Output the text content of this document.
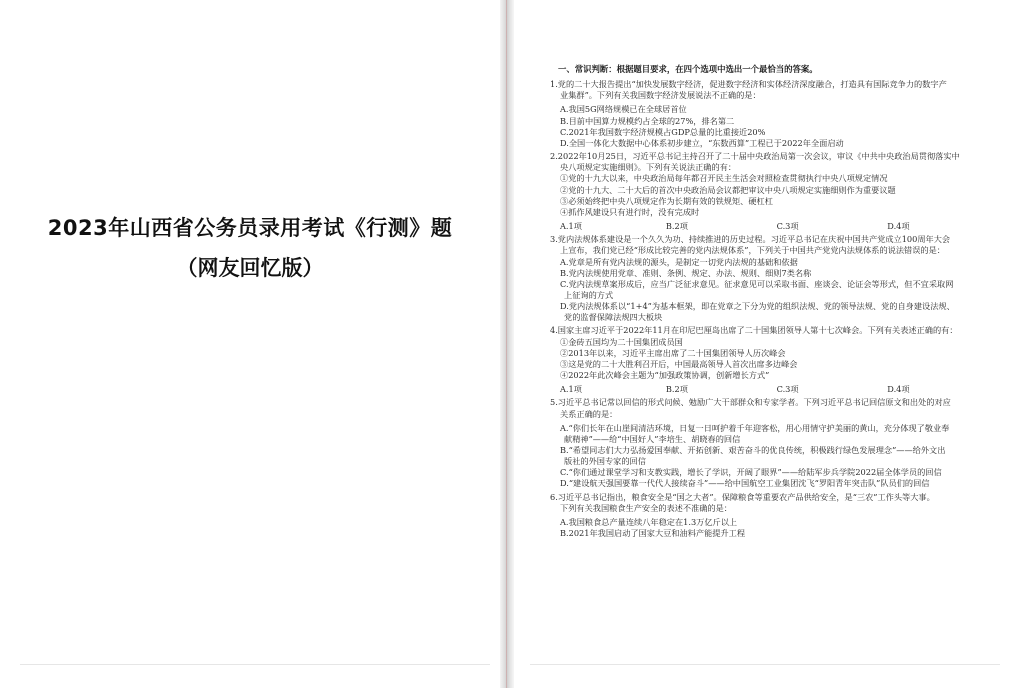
2023年山西省公务员录用考试《行测》题
（网友回忆版）
一、常识判断：根据题目要求，在四个选项中选出一个最恰当的答案。
1.党的二十大报告提出“加快发展数字经济，促进数字经济和实体经济深度融合，打造具有国际竞争力的数字产
业集群”。下列有关我国数字经济发展说法不正确的是：
A.我国5G网络规模已在全球居首位
B.目前中国算力规模约占全球的27%，排名第二
C.2021年我国数字经济规模占GDP总量的比重接近20%
D.全国一体化大数据中心体系初步建立，“东数西算”工程已于2022年全面启动
2.2022年10月25日，习近平总书记主持召开了二十届中央政治局第一次会议，审议《中共中央政治局贯彻落实中
央八项规定实施细则》。下列有关说法正确的有：
①党的十九大以来，中央政治局每年都召开民主生活会对照检查贯彻执行中央八项规定情况
②党的十九大、二十大后的首次中央政治局会议都把审议中央八项规定实施细则作为重要议题
③必须始终把中央八项规定作为长期有效的铁规矩、硬杠杠
④抓作风建设只有进行时，没有完成时
A.1项	B.2项	C.3项	D.4项
3.党内法规体系建设是一个久久为功、持续推进的历史过程。习近平总书记在庆祝中国共产党成立100周年大会
上宣布，我们党已经“形成比较完善的党内法规体系”，下列关于中国共产党党内法规体系的说法错误的是：
A.党章是所有党内法规的源头，是制定一切党内法规的基础和依据
B.党内法规使用党章、准则、条例、规定、办法、规则、细则7类名称
C.党内法规草案形成后，应当广泛征求意见。征求意见可以采取书面、座谈会、论证会等形式，但不宜采取网
上征询的方式
D.党内法规体系以“1+4”为基本框架，即在党章之下分为党的组织法规、党的领导法规、党的自身建设法规、
党的监督保障法规四大板块
4.国家主席习近平于2022年11月在印尼巴厘岛出席了二十国集团领导人第十七次峰会。下列有关表述正确的有：
①金砖五国均为二十国集团成员国
②2013年以来，习近平主席出席了二十国集团领导人历次峰会
③这是党的二十大胜利召开后，中国最高领导人首次出席多边峰会
④2022年此次峰会主题为“加强政策协调，创新增长方式”
A.1项	B.2项	C.3项	D.4项
5.习近平总书记常以回信的形式问候、勉励广大干部群众和专家学者。下列习近平总书记回信原文和出处的对应
关系正确的是：
A.“你们长年在山崖间清洁环境，日复一日呵护着千年迎客松，用心用情守护美丽的黄山，充分体现了敬业奉
献精神”——给“中国好人”李培生、胡晓春的回信
B.“希望同志们大力弘扬爱国奉献、开拓创新、艰苦奋斗的优良传统，积极践行绿色发展理念”——给外文出
版社的外国专家的回信
C.“你们通过课堂学习和支教实践，增长了学识，开阔了眼界”——给陆军步兵学院2022届全体学员的回信
D.“建设航天强国要靠一代代人接续奋斗”——给中国航空工业集团沈飞“罗阳青年突击队”队员们的回信
6.习近平总书记指出，粮食安全是“国之大者”。保障粮食等重要农产品供给安全，是“三农”工作头等大事。
下列有关我国粮食生产安全的表述不准确的是：
A.我国粮食总产量连续八年稳定在1.3万亿斤以上
B.2021年我国启动了国家大豆和油料产能提升工程
